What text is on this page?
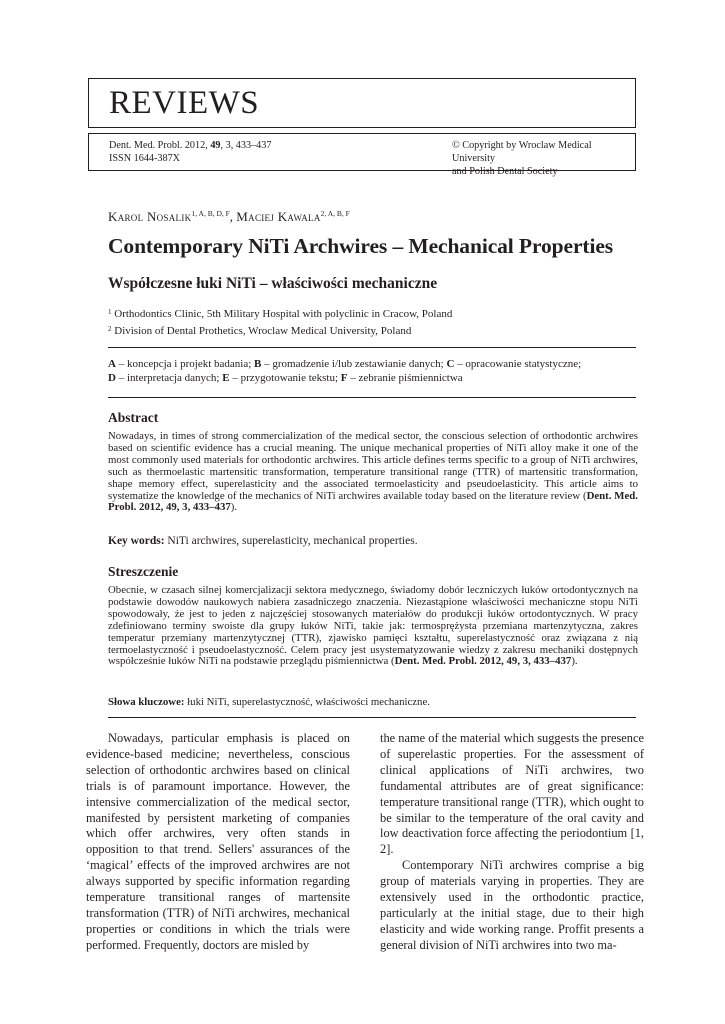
REVIEWS
Dent. Med. Probl. 2012, 49, 3, 433–437
ISSN 1644-387X
© Copyright by Wroclaw Medical University
and Polish Dental Society
Karol Nosalik$^{1, A, B, D, F}$, Maciej Kawala$^{2, A, B, F}$
Contemporary NiTi Archwires – Mechanical Properties
Współczesne łuki NiTi – właściwości mechaniczne
$^1$ Orthodontics Clinic, 5th Military Hospital with polyclinic in Cracow, Poland
$^2$ Division of Dental Prothetics, Wroclaw Medical University, Poland
A – koncepcja i projekt badania; B – gromadzenie i/lub zestawianie danych; C – opracowanie statystyczne;
D – interpretacja danych; E – przygotowanie tekstu; F – zebranie piśmiennictwa
Abstract

Nowadays, in times of strong commercialization of the medical sector, the conscious selection of orthodontic archwires based on scientific evidence has a crucial meaning. The unique mechanical properties of NiTi alloy make it one of the most commonly used materials for orthodontic archwires. This article defines terms specific to a group of NiTi archwires, such as thermoelastic martensitic transformation, temperature transitional range (TTR) of martensitic transformation, shape memory effect, superelasticity and the associated termoelasticity and pseudoelasticity. This article aims to systematize the knowledge of the mechanics of NiTi archwires available today based on the literature review (Dent. Med. Probl. 2012, 49, 3, 433–437).

Key words: NiTi archwires, superelasticity, mechanical properties.
Streszczenie

Obecnie, w czasach silnej komercjalizacji sektora medycznego, świadomy dobór leczniczych łuków ortodontycznych na podstawie dowodów naukowych nabiera zasadniczego znaczenia. Niezastąpione właściwości mechaniczne stopu NiTi spowodowały, że jest to jeden z najczęściej stosowanych materiałów do produkcji łuków ortodontycznych. W pracy zdefiniowano terminy swoiste dla grupy łuków NiTi, takie jak: termosprężysta przemiana martenzytyczna, zakres temperatur przemiany martenzytycznej (TTR), zjawisko pamięci kształtu, superelastyczność oraz związana z nią termoelastyczność i pseudoelastyczność. Celem pracy jest usystematyzowanie wiedzy z zakresu mechaniki dostępnych współcześnie łuków NiTi na podstawie przeglądu piśmiennictwa (Dent. Med. Probl. 2012, 49, 3, 433–437).

Słowa kluczowe: łuki NiTi, superelastyczność, właściwości mechaniczne.

Nowadays, particular emphasis is placed on evidence-based medicine; nevertheless, conscious selection of orthodontic archwires based on clinical trials is of paramount importance. However, the intensive commercialization of the medical sector, manifested by persistent marketing of companies which offer archwires, very often stands in opposition to that trend. Sellers' assurances of the ‘magical’ effects of the improved archwires are not always supported by specific information regarding temperature transitional ranges of martensite transformation (TTR) of NiTi archwires, mechanical properties or conditions in which the trials were performed. Frequently, doctors are misled by

the name of the material which suggests the presence of superelastic properties. For the assessment of clinical applications of NiTi archwires, two fundamental attributes are of great significance: temperature transitional range (TTR), which ought to be similar to the temperature of the oral cavity and low deactivation force affecting the periodontium [1, 2].
Contemporary NiTi archwires comprise a big group of materials varying in properties. They are extensively used in the orthodontic practice, particularly at the initial stage, due to their high elasticity and wide working range. Proffit presents a general division of NiTi archwires into two ma-
